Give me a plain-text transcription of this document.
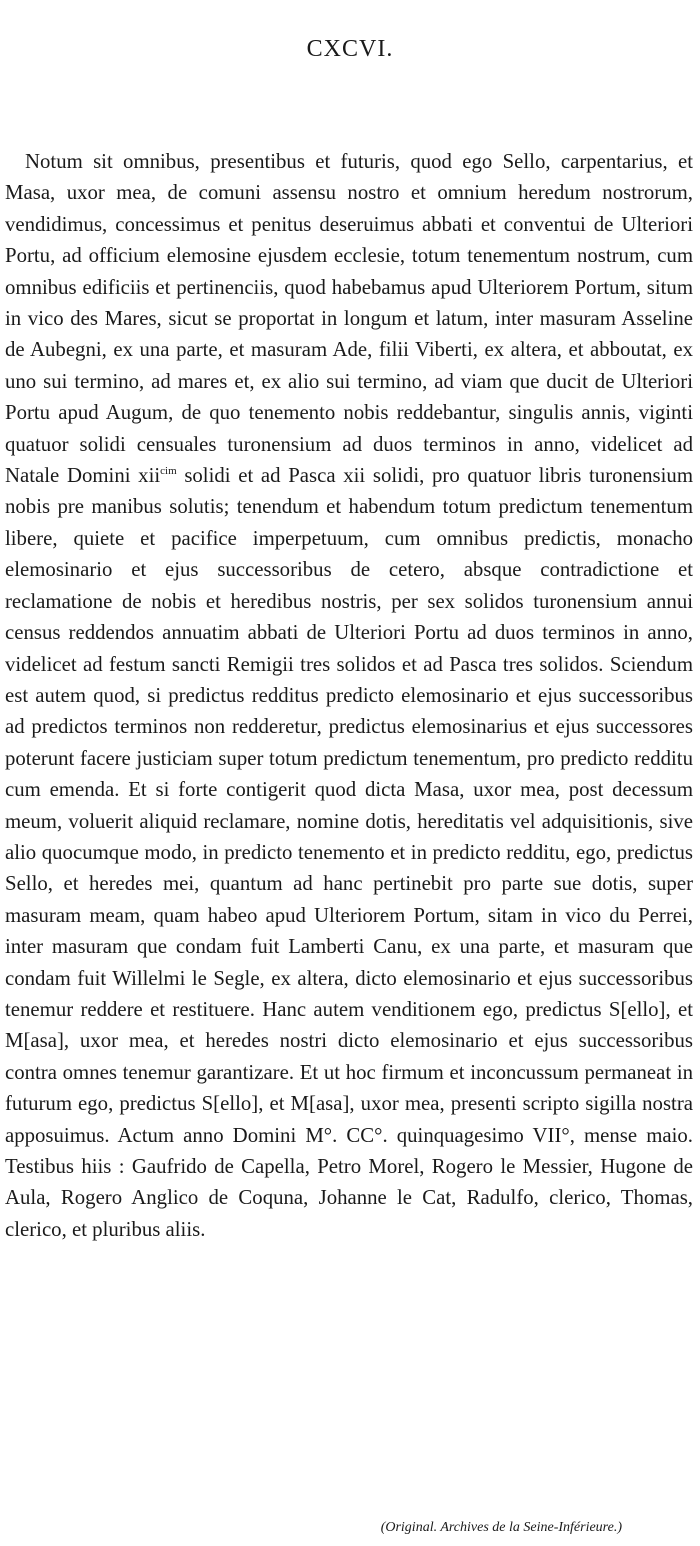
CXCVI.

Notum sit omnibus, presentibus et futuris, quod ego Sello, carpentarius, et Masa, uxor mea, de comuni assensu nostro et omnium heredum nostrorum, vendidimus, concessimus et penitus deseruimus abbati et conventui de Ulteriori Portu, ad officium elemosine ejusdem ecclesie, totum tenementum nostrum, cum omnibus edificiis et pertinenciis, quod habebamus apud Ulteriorem Portum, situm in vico des Mares, sicut se proportat in longum et latum, inter masuram Asseline de Aubegni, ex una parte, et masuram Ade, filii Viberti, ex altera, et abboutat, ex uno sui termino, ad mares et, ex alio sui termino, ad viam que ducit de Ulteriori Portu apud Augum, de quo tenemento nobis reddebantur, singulis annis, viginti quatuor solidi censuales turonensium ad duos terminos in anno, videlicet ad Natale Domini xii$^{cim}$ solidi et ad Pasca xii solidi, pro quatuor libris turonensium nobis pre manibus solutis; tenendum et habendum totum predictum tenementum libere, quiete et pacifice imperpetuum, cum omnibus predictis, monacho elemosinario et ejus successoribus de cetero, absque contradictione et reclamatione de nobis et heredibus nostris, per sex solidos turonensium annui census reddendos annuatim abbati de Ulteriori Portu ad duos terminos in anno, videlicet ad festum sancti Remigii tres solidos et ad Pasca tres solidos. Sciendum est autem quod, si predictus redditus predicto elemosinario et ejus successoribus ad predictos terminos non redderetur, predictus elemosinarius et ejus successores poterunt facere justiciam super totum predictum tenementum, pro predicto redditu cum emenda. Et si forte contigerit quod dicta Masa, uxor mea, post decessum meum, voluerit aliquid reclamare, nomine dotis, hereditatis vel adquisitionis, sive alio quocumque modo, in predicto tenemento et in predicto redditu, ego, predictus Sello, et heredes mei, quantum ad hanc pertinebit pro parte sue dotis, super masuram meam, quam habeo apud Ulteriorem Portum, sitam in vico du Perrei, inter masuram que condam fuit Lamberti Canu, ex una parte, et masuram que condam fuit Willelmi le Segle, ex altera, dicto elemosinario et ejus successoribus tenemur reddere et restituere. Hanc autem venditionem ego, predictus S[ello], et M[asa], uxor mea, et heredes nostri dicto elemosinario et ejus successoribus contra omnes tenemur garantizare. Et ut hoc firmum et inconcussum permaneat in futurum ego, predictus S[ello], et M[asa], uxor mea, presenti scripto sigilla nostra apposuimus. Actum anno Domini M°. CC°. quinquagesimo VII°, mense maio. Testibus hiis : Gaufrido de Capella, Petro Morel, Rogero le Messier, Hugone de Aula, Rogero Anglico de Coquna, Johanne le Cat, Radulfo, clerico, Thomas, clerico, et pluribus aliis.

(Original. Archives de la Seine-Inférieure.)
